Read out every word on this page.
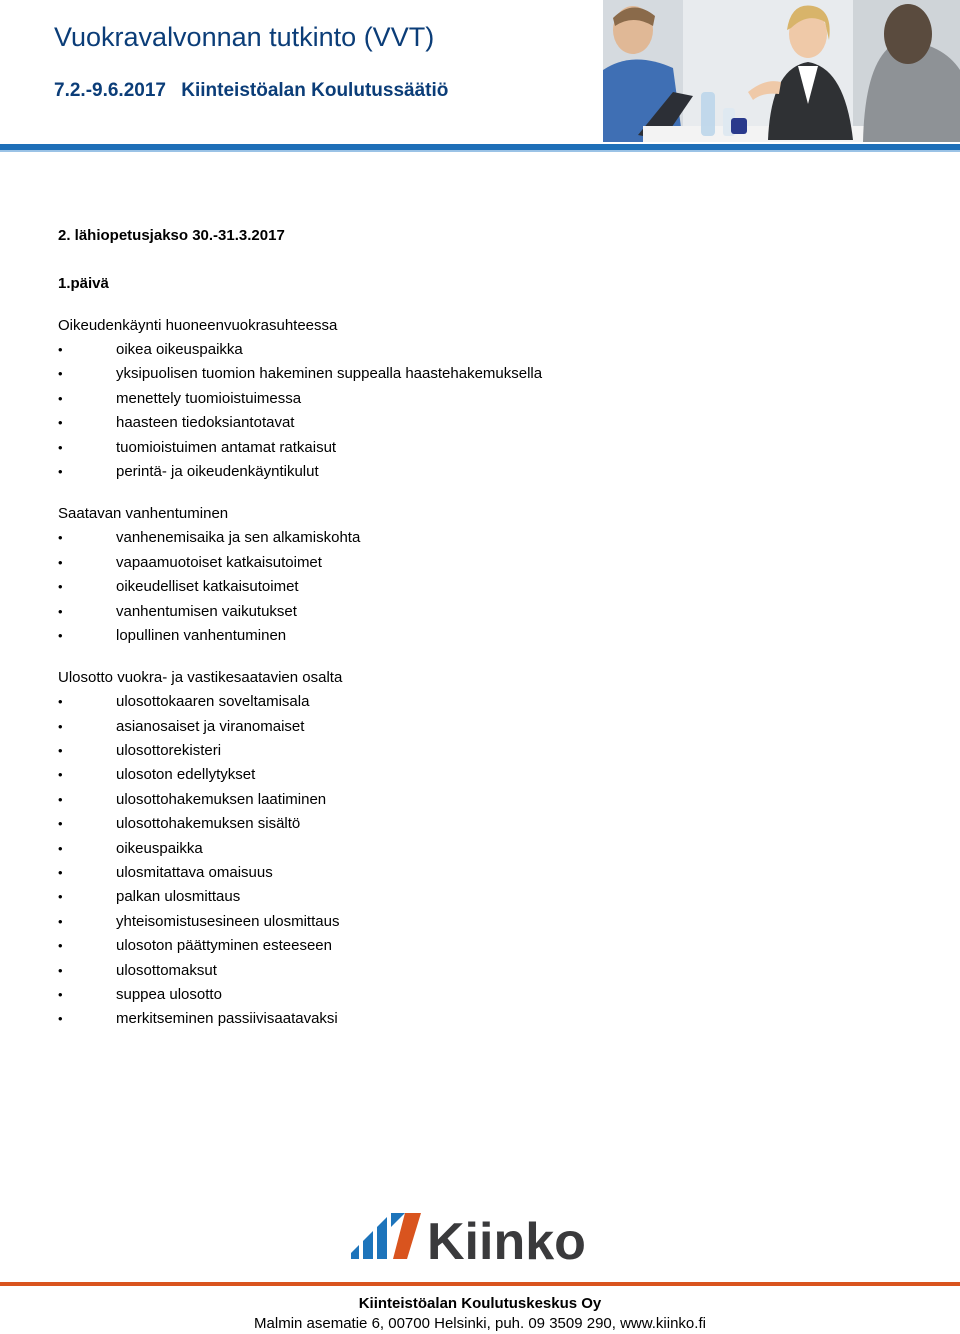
Vuokravalvonnan tutkinto (VVT)
7.2.-9.6.2017 Kiinteistöalan Koulutussäätiö
2. lähiopetusjakso 30.-31.3.2017
1.päivä
Oikeudenkäynti huoneenvuokrasuhteessa
• oikea oikeuspaikka
• yksipuolisen tuomion hakeminen suppealla haastehakemuksella
• menettely tuomioistuimessa
• haasteen tiedoksiantotavat
• tuomioistuimen antamat ratkaisut
• perintä- ja oikeudenkäyntikulut
Saatavan vanhentuminen
• vanhenemisaika ja sen alkamiskohta
• vapaamuotoiset katkaisutoimet
• oikeudelliset katkaisutoimet
• vanhentumisen vaikutukset
• lopullinen vanhentuminen
Ulosotto vuokra- ja vastikesaatavien osalta
• ulosottokaaren soveltamisala
• asianosaiset ja viranomaiset
• ulosottorekisteri
• ulosoton edellytykset
• ulosottohakemuksen laatiminen
• ulosottohakemuksen sisältö
• oikeuspaikka
• ulosmitattava omaisuus
• palkan ulosmittaus
• yhteisomistusesineen ulosmittaus
• ulosoton päättyminen esteeseen
• ulosottomaksut
• suppea ulosotto
• merkitseminen passiivisaatavaksi
Kiinko
Kiinteistöalan Koulutuskeskus Oy
Malmin asematie 6, 00700 Helsinki, puh. 09 3509 290, www.kiinko.fi
